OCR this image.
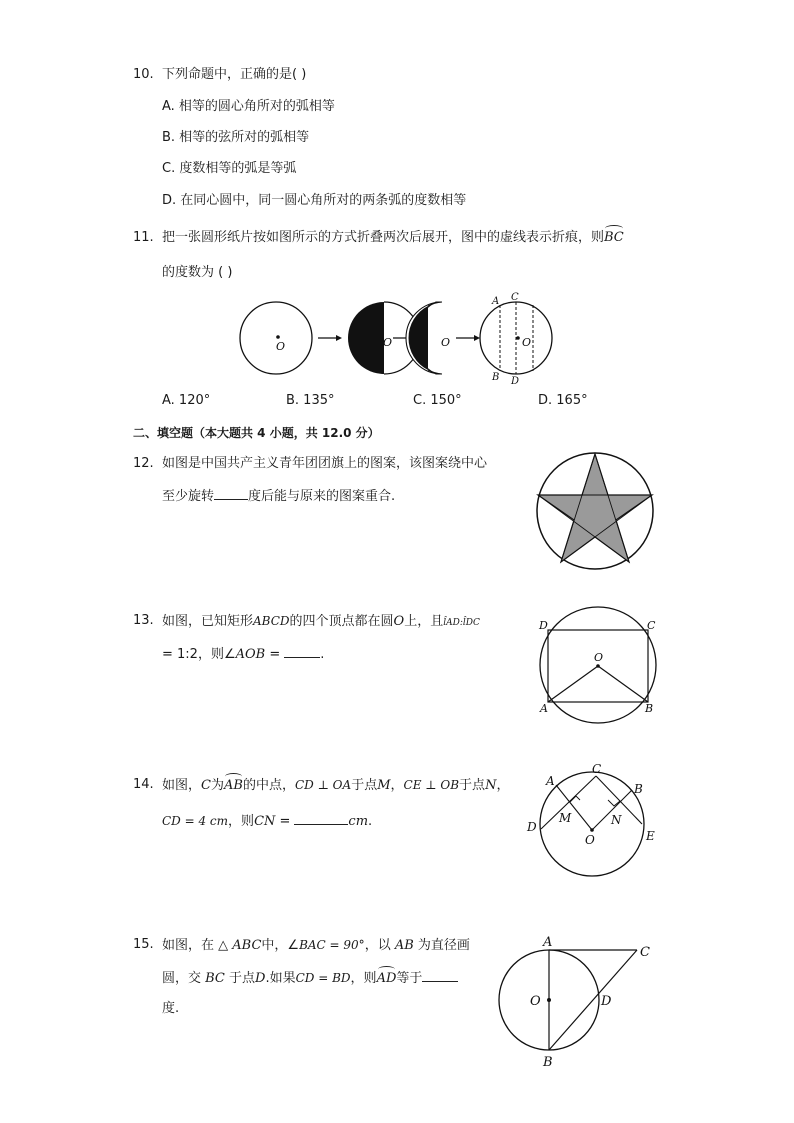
10. 下列命题中，正确的是( )
A. 相等的圆心角所对的弧相等
B. 相等的弦所对的弧相等
C. 度数相等的弧是等弧
D. 在同心圆中，同一圆心角所对的两条弧的度数相等
11. 把一张圆形纸片按如图所示的方式折叠两次后展开，图中的虚线表示折痕，则BC
的度数为 ( )
O	O	O	O
A C
B D
A. 120°	B. 135°	C. 150°	D. 165°
二、填空题（本大题共 4 小题，共 12.0 分）
12. 如图是中国共产主义青年团团旗上的图案，该图案绕中心
至少旋转	度后能与原来的图案重合.
13. 如图，已知矩形ABCD的四个顶点都在圆O上，且l̂AD:l̂DC
= 1:2，则∠AOB =	.	O
D	C
A	B
14. 如图，C为AB的中点，CD ⊥ OA于点M，CE ⊥ OB于点N，
CD = 4 cm，则CN =	cm.
O
A
C
B
D
E
M	N
15. 如图，在 △ ABC中，∠BAC = 90°，以 AB 为直径画
圆，交 BC 于点D.如果CD = BD，则AD等于
度.	O
A
B
C
D
